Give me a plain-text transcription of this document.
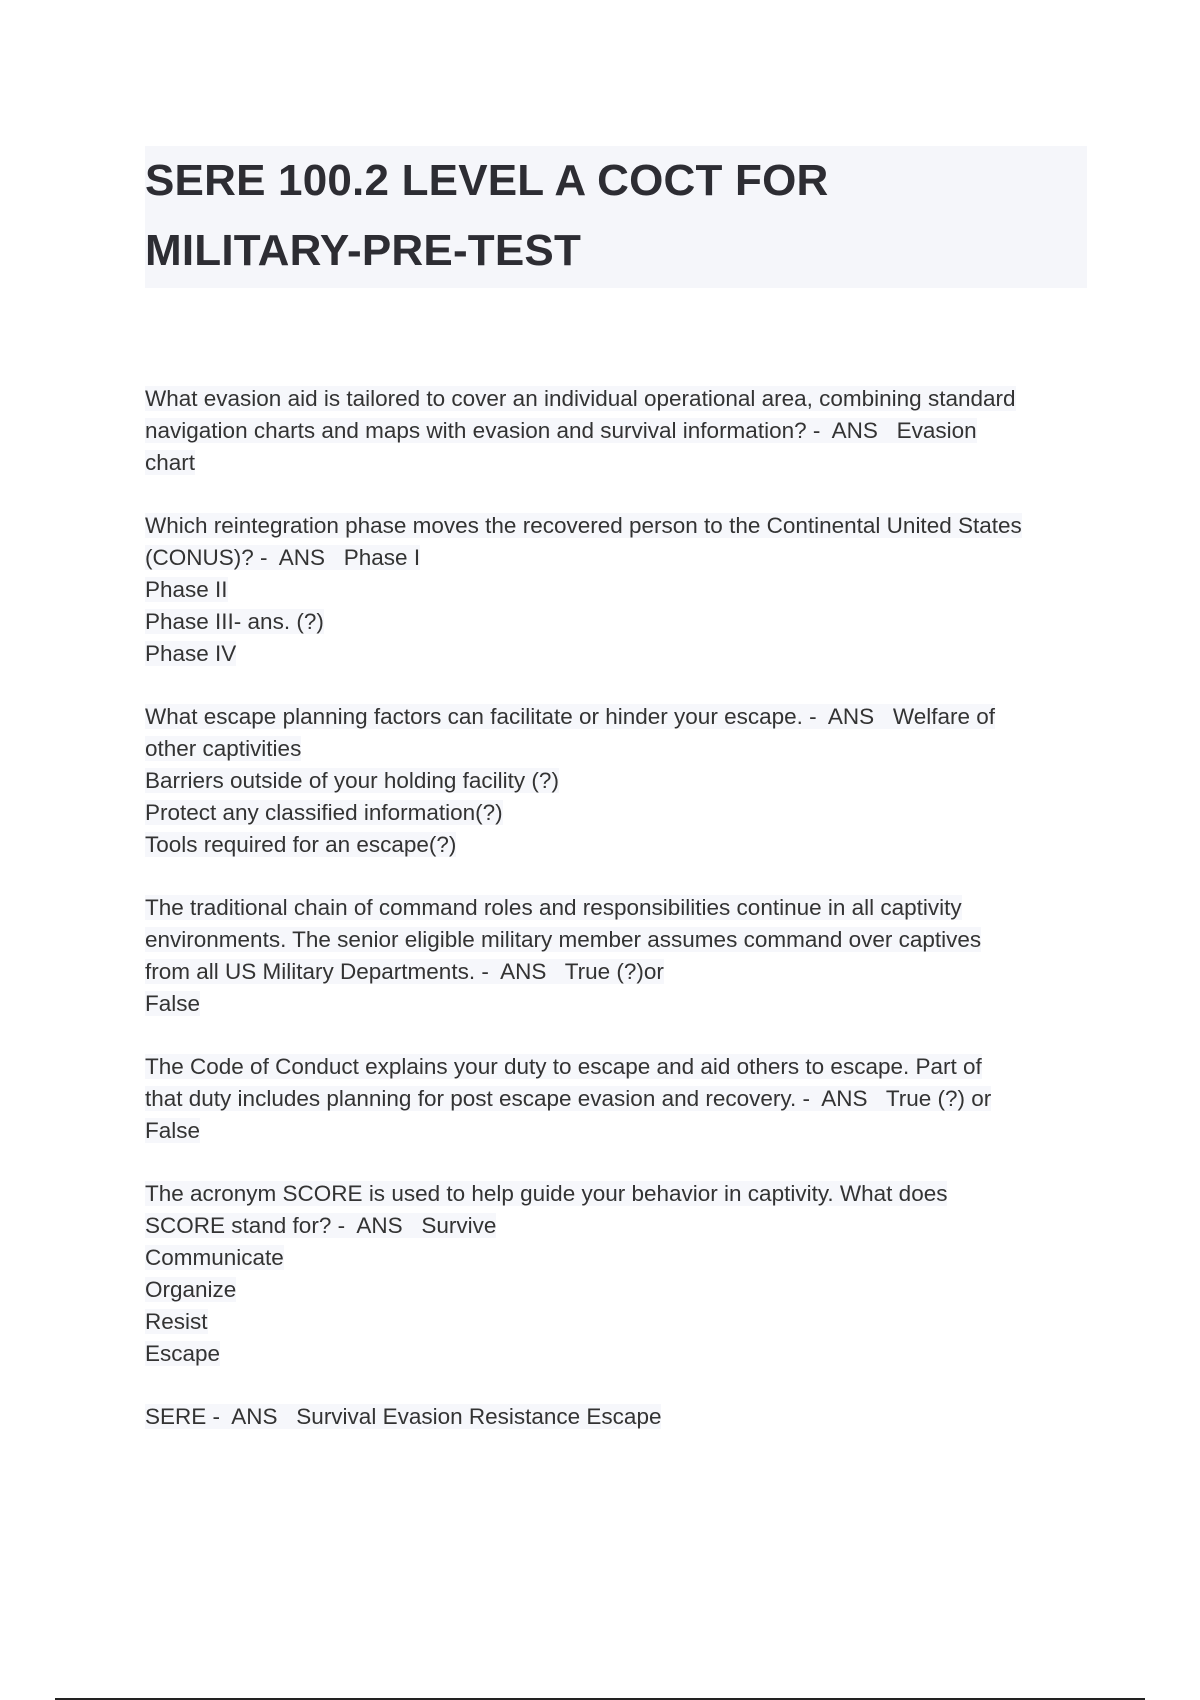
SERE 100.2 LEVEL A COCT FOR
MILITARY-PRE-TEST
What evasion aid is tailored to cover an individual operational area, combining standard
navigation charts and maps with evasion and survival information? -  ANS   Evasion
chart
Which reintegration phase moves the recovered person to the Continental United States
(CONUS)? -  ANS   Phase I
Phase II
Phase III- ans. (?)
Phase IV
What escape planning factors can facilitate or hinder your escape. -  ANS   Welfare of
other captivities
Barriers outside of your holding facility (?)
Protect any classified information(?)
Tools required for an escape(?)
The traditional chain of command roles and responsibilities continue in all captivity
environments. The senior eligible military member assumes command over captives
from all US Military Departments. -  ANS   True (?)or
False
The Code of Conduct explains your duty to escape and aid others to escape. Part of
that duty includes planning for post escape evasion and recovery. -  ANS   True (?) or
False
The acronym SCORE is used to help guide your behavior in captivity. What does
SCORE stand for? -  ANS   Survive
Communicate
Organize
Resist
Escape
SERE -  ANS   Survival Evasion Resistance Escape
